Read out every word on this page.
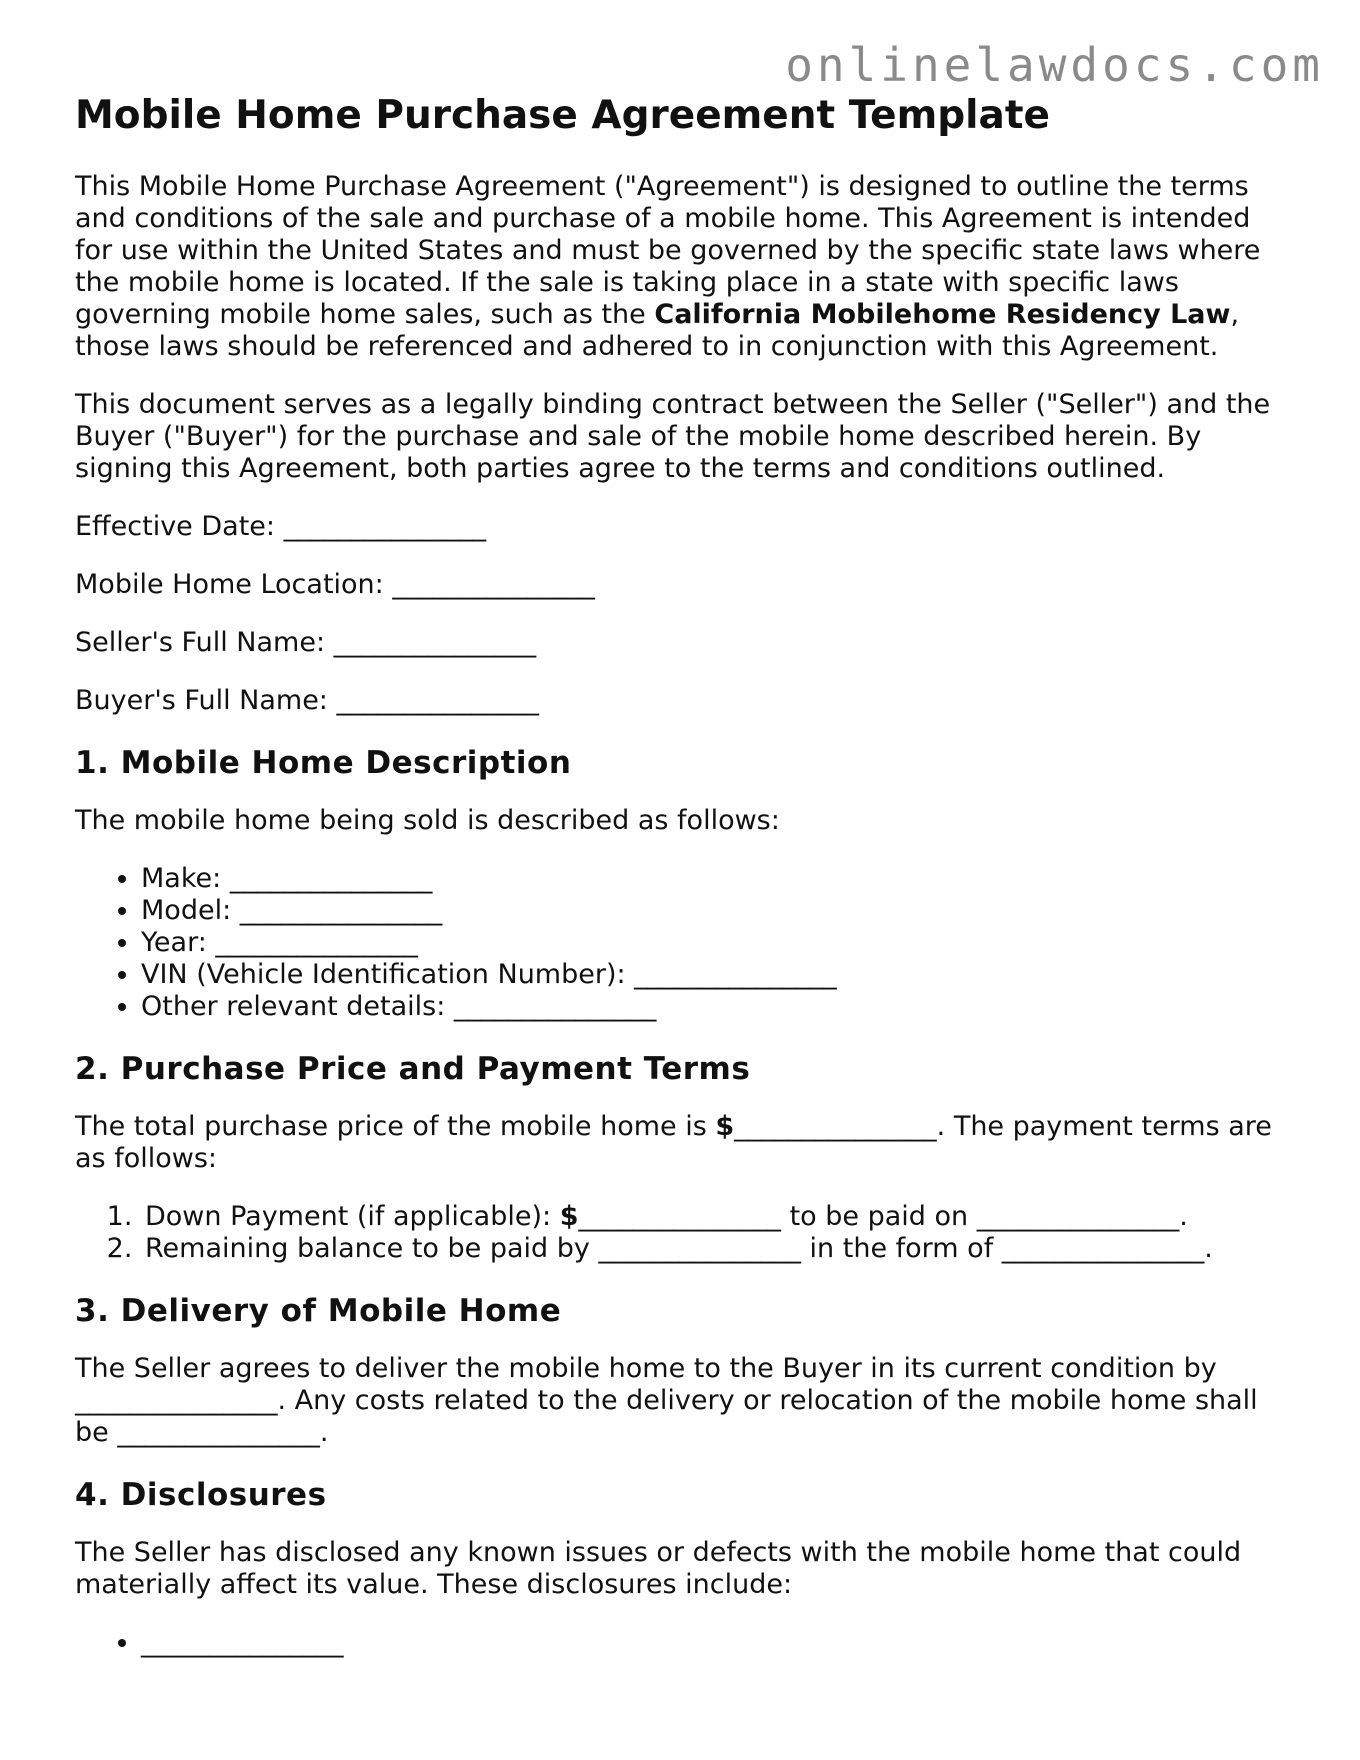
onlinelawdocs.com
Mobile Home Purchase Agreement Template

This Mobile Home Purchase Agreement ("Agreement") is designed to outline the terms and conditions of the sale and purchase of a mobile home. This Agreement is intended for use within the United States and must be governed by the specific state laws where the mobile home is located. If the sale is taking place in a state with specific laws governing mobile home sales, such as the California Mobilehome Residency Law, those laws should be referenced and adhered to in conjunction with this Agreement.

This document serves as a legally binding contract between the Seller ("Seller") and the Buyer ("Buyer") for the purchase and sale of the mobile home described herein. By signing this Agreement, both parties agree to the terms and conditions outlined.

Effective Date: _______________
Mobile Home Location: _______________
Seller's Full Name: _______________
Buyer's Full Name: _______________
1. Mobile Home Description

The mobile home being sold is described as follows:

• Make: _______________
• Model: _______________
• Year: _______________
• VIN (Vehicle Identification Number): _______________
• Other relevant details: _______________
2. Purchase Price and Payment Terms

The total purchase price of the mobile home is $_______________. The payment terms are as follows:

1. Down Payment (if applicable): $_______________ to be paid on _______________.
2. Remaining balance to be paid by _______________ in the form of _______________.
3. Delivery of Mobile Home

The Seller agrees to deliver the mobile home to the Buyer in its current condition by _______________. Any costs related to the delivery or relocation of the mobile home shall be _______________.

4. Disclosures

The Seller has disclosed any known issues or defects with the mobile home that could materially affect its value. These disclosures include:

• _______________
